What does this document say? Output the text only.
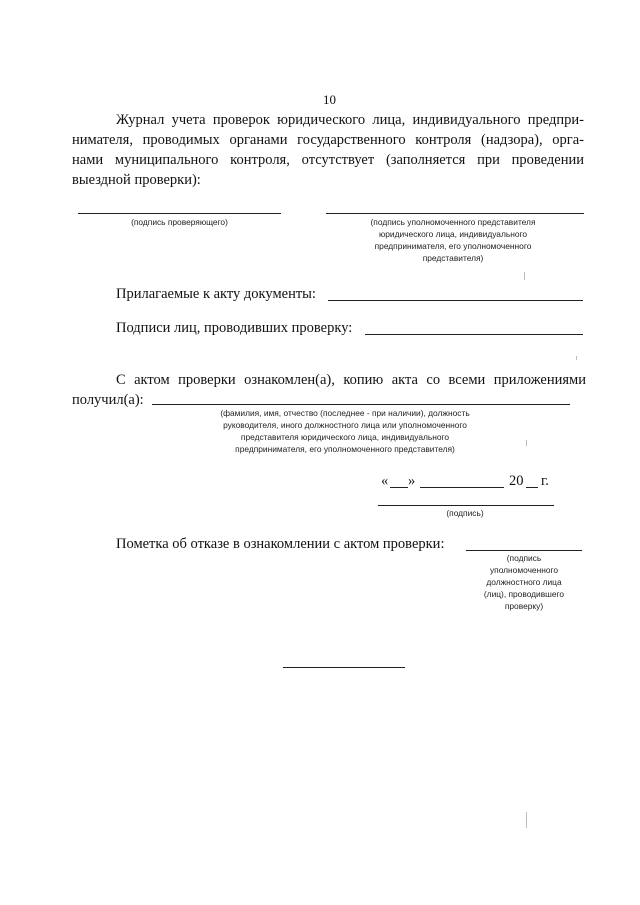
10
Журнал учета проверок юридического лица, индивидуального предпри-
нимателя, проводимых органами государственного контроля (надзора), орга-
нами муниципального контроля, отсутствует (заполняется при проведении
выездной проверки):
(подпись проверяющего)	(подпись уполномоченного представителя
юридического лица, индивидуального
предпринимателя, его уполномоченного
представителя)
Прилагаемые к акту документы:
Подписи лиц, проводивших проверку:
С актом проверки ознакомлен(а), копию акта со всеми приложениями
получил(а):
(фамилия, имя, отчество (последнее - при наличии), должность
руководителя, иного должностного лица или уполномоченного
представителя юридического лица, индивидуального
предпринимателя, его уполномоченного представителя)
« »	20 г.
(подпись)
Пометка об отказе в ознакомлении с актом проверки:
(подпись
уполномоченного
должностного лица
(лиц), проводившего
проверку)
